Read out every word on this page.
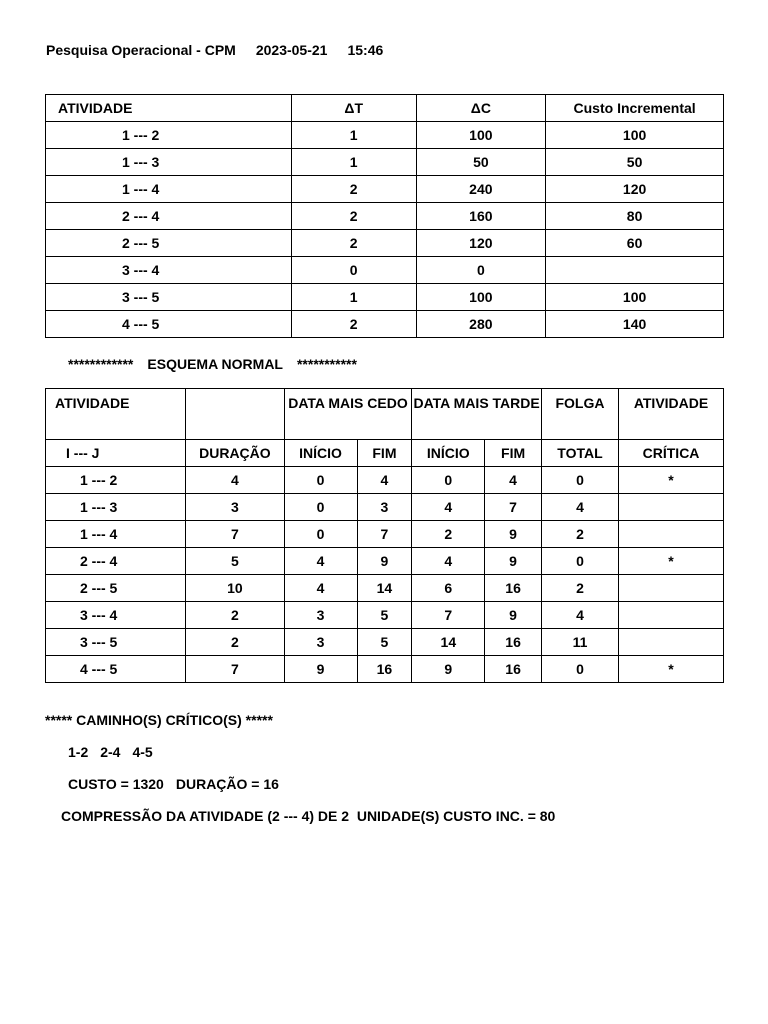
Pesquisa Operacional - CPM 2023-05-21 15:46
ATIVIDADE	ΔT	ΔC	Custo Incremental
1 --- 2	1	100	100
1 --- 3	1	50	50
1 --- 4	2	240	120
2 --- 4	2	160	80
2 --- 5	2	120	60
3 --- 4	0	0	
3 --- 5	1	100	100
4 --- 5	2	280	140
************ ESQUEMA NORMAL ***********
ATIVIDADE		DATA MAIS CEDO		DATA MAIS TARDE		FOLGA	ATIVIDADE
I --- J	DURAÇÃO	INÍCIO	FIM	INÍCIO	FIM	TOTAL	CRÍTICA
1 --- 2	4	0	4	0	4	0	*
1 --- 3	3	0	3	4	7	4	
1 --- 4	7	0	7	2	9	2	
2 --- 4	5	4	9	4	9	0	*
2 --- 5	10	4	14	6	16	2	
3 --- 4	2	3	5	7	9	4	
3 --- 5	2	3	5	14	16	11	
4 --- 5	7	9	16	9	16	0	*
***** CAMINHO(S) CRÍTICO(S) *****
1-2 2-4 4-5
CUSTO = 1320 DURAÇÃO = 16
COMPRESSÃO DA ATIVIDADE (2 --- 4) DE 2  UNIDADE(S) CUSTO INC. = 80
